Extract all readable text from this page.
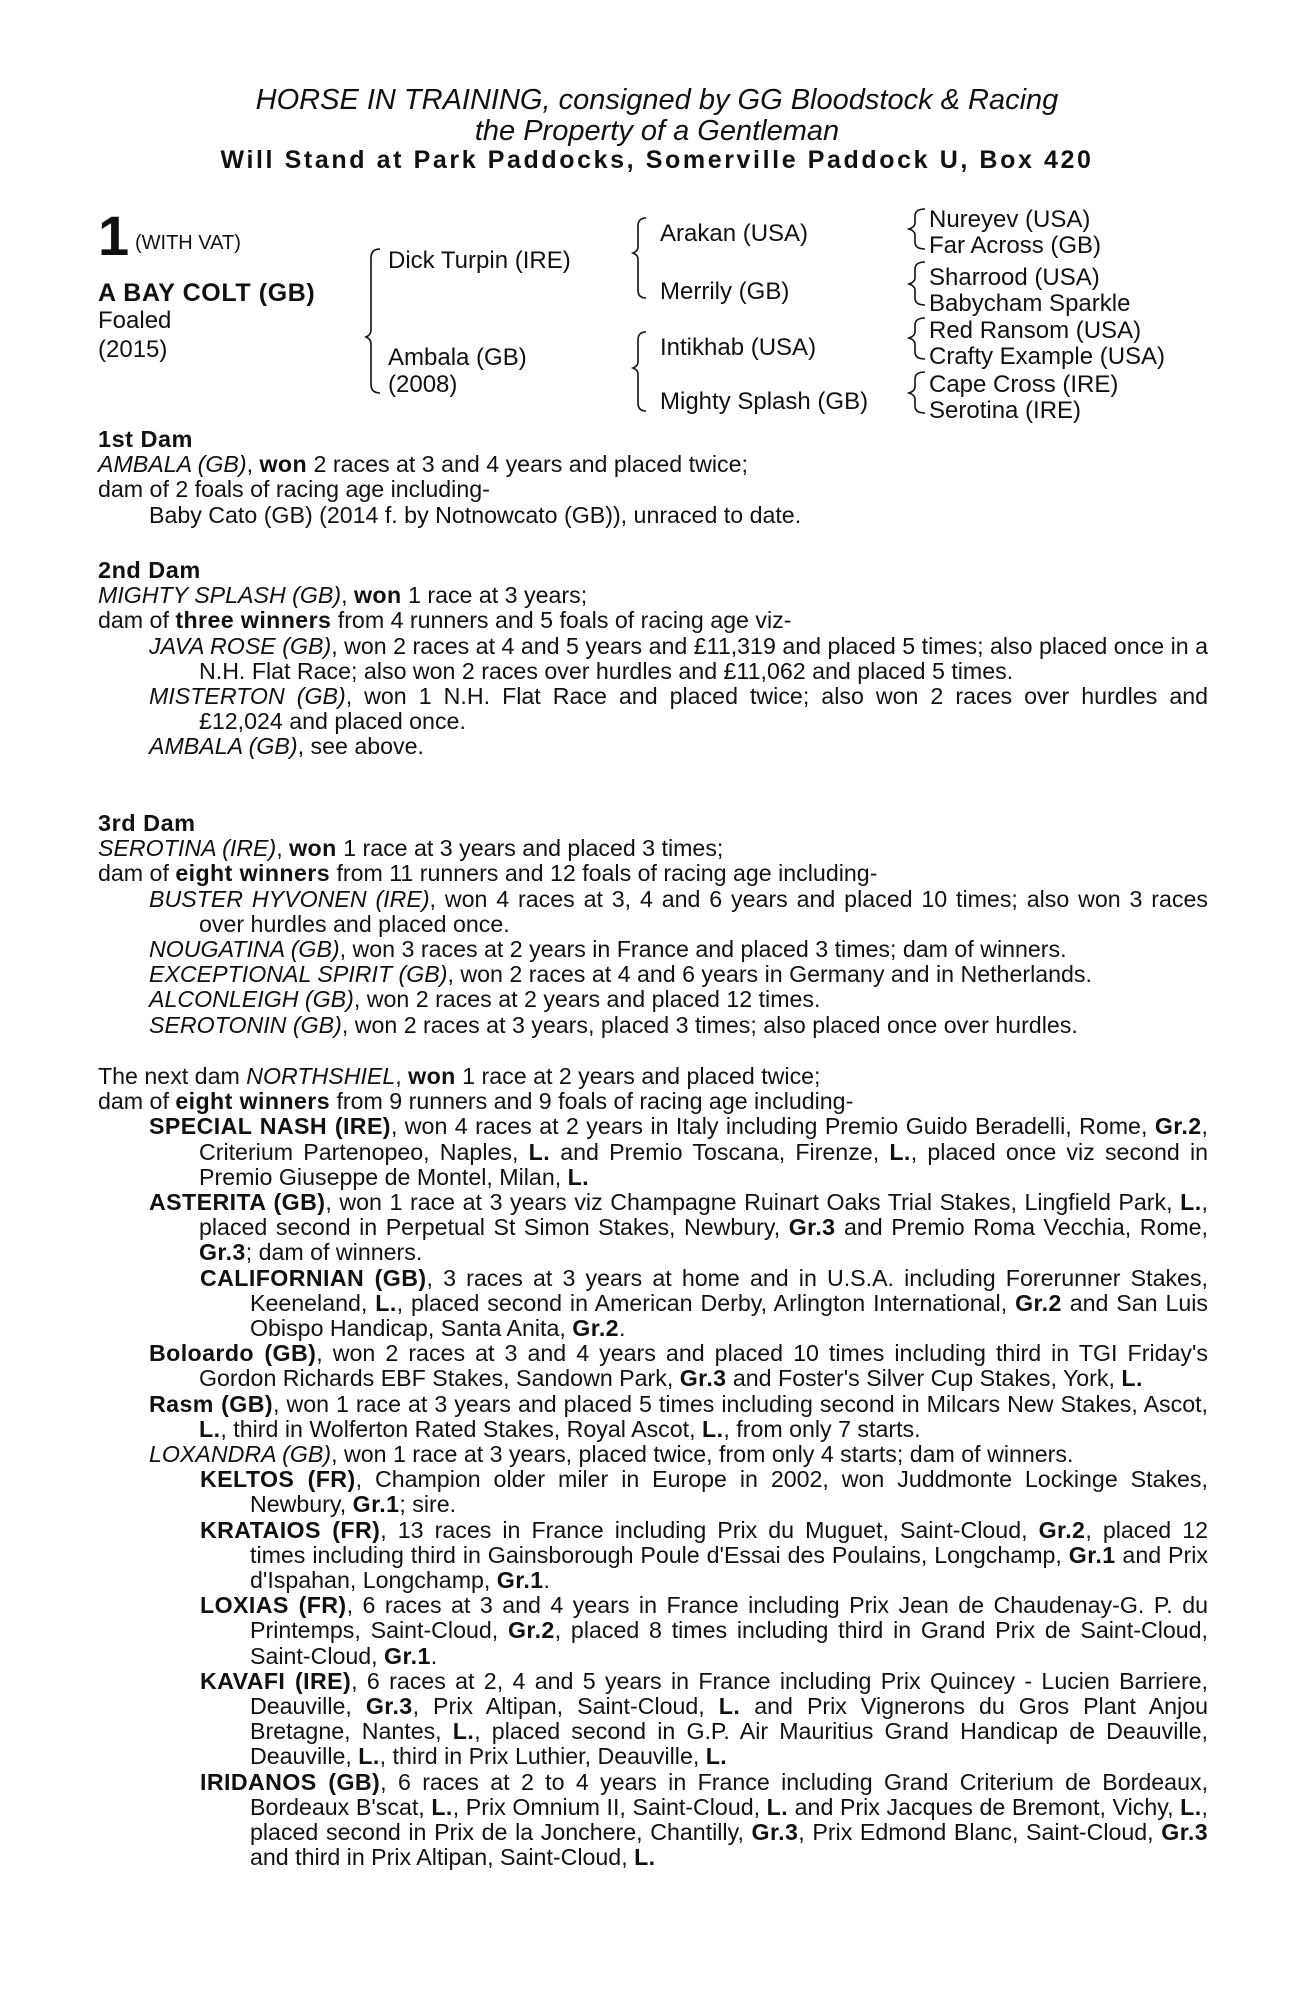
HORSE IN TRAINING, consigned by GG Bloodstock & Racing
the Property of a Gentleman
Will Stand at Park Paddocks, Somerville Paddock U, Box 420
1 (WITH VAT)
A BAY COLT (GB)
Foaled
(2015)
Dick Turpin (IRE)
Ambala (GB)
(2008)
Arakan (USA)
Merrily (GB)
Intikhab (USA)
Mighty Splash (GB)
Nureyev (USA)
Far Across (GB)
Sharrood (USA)
Babycham Sparkle
Red Ransom (USA)
Crafty Example (USA)
Cape Cross (IRE)
Serotina (IRE)
1st Dam
AMBALA (GB), won 2 races at 3 and 4 years and placed twice;
dam of 2 foals of racing age including-
Baby Cato (GB) (2014 f. by Notnowcato (GB)), unraced to date.
2nd Dam
MIGHTY SPLASH (GB), won 1 race at 3 years;
dam of three winners from 4 runners and 5 foals of racing age viz-
JAVA ROSE (GB), won 2 races at 4 and 5 years and £11,319 and placed 5 times; also placed once in a N.H. Flat Race; also won 2 races over hurdles and £11,062 and placed 5 times.
MISTERTON (GB), won 1 N.H. Flat Race and placed twice; also won 2 races over hurdles and £12,024 and placed once.
AMBALA (GB), see above.
3rd Dam
SEROTINA (IRE), won 1 race at 3 years and placed 3 times;
dam of eight winners from 11 runners and 12 foals of racing age including-
BUSTER HYVONEN (IRE), won 4 races at 3, 4 and 6 years and placed 10 times; also won 3 races over hurdles and placed once.
NOUGATINA (GB), won 3 races at 2 years in France and placed 3 times; dam of winners.
EXCEPTIONAL SPIRIT (GB), won 2 races at 4 and 6 years in Germany and in Netherlands.
ALCONLEIGH (GB), won 2 races at 2 years and placed 12 times.
SEROTONIN (GB), won 2 races at 3 years, placed 3 times; also placed once over hurdles.
The next dam NORTHSHIEL, won 1 race at 2 years and placed twice;
dam of eight winners from 9 runners and 9 foals of racing age including-
SPECIAL NASH (IRE), won 4 races at 2 years in Italy including Premio Guido Beradelli, Rome, Gr.2, Criterium Partenopeo, Naples, L. and Premio Toscana, Firenze, L., placed once viz second in Premio Giuseppe de Montel, Milan, L.
ASTERITA (GB), won 1 race at 3 years viz Champagne Ruinart Oaks Trial Stakes, Lingfield Park, L., placed second in Perpetual St Simon Stakes, Newbury, Gr.3 and Premio Roma Vecchia, Rome, Gr.3; dam of winners.
CALIFORNIAN (GB), 3 races at 3 years at home and in U.S.A. including Forerunner Stakes, Keeneland, L., placed second in American Derby, Arlington International, Gr.2 and San Luis Obispo Handicap, Santa Anita, Gr.2.
Boloardo (GB), won 2 races at 3 and 4 years and placed 10 times including third in TGI Friday's Gordon Richards EBF Stakes, Sandown Park, Gr.3 and Foster's Silver Cup Stakes, York, L.
Rasm (GB), won 1 race at 3 years and placed 5 times including second in Milcars New Stakes, Ascot, L., third in Wolferton Rated Stakes, Royal Ascot, L., from only 7 starts.
LOXANDRA (GB), won 1 race at 3 years, placed twice, from only 4 starts; dam of winners.
KELTOS (FR), Champion older miler in Europe in 2002, won Juddmonte Lockinge Stakes, Newbury, Gr.1; sire.
KRATAIOS (FR), 13 races in France including Prix du Muguet, Saint-Cloud, Gr.2, placed 12 times including third in Gainsborough Poule d'Essai des Poulains, Longchamp, Gr.1 and Prix d'Ispahan, Longchamp, Gr.1.
LOXIAS (FR), 6 races at 3 and 4 years in France including Prix Jean de Chaudenay-G. P. du Printemps, Saint-Cloud, Gr.2, placed 8 times including third in Grand Prix de Saint-Cloud, Saint-Cloud, Gr.1.
KAVAFI (IRE), 6 races at 2, 4 and 5 years in France including Prix Quincey - Lucien Barriere, Deauville, Gr.3, Prix Altipan, Saint-Cloud, L. and Prix Vignerons du Gros Plant Anjou Bretagne, Nantes, L., placed second in G.P. Air Mauritius Grand Handicap de Deauville, Deauville, L., third in Prix Luthier, Deauville, L.
IRIDANOS (GB), 6 races at 2 to 4 years in France including Grand Criterium de Bordeaux, Bordeaux B'scat, L., Prix Omnium II, Saint-Cloud, L. and Prix Jacques de Bremont, Vichy, L., placed second in Prix de la Jonchere, Chantilly, Gr.3, Prix Edmond Blanc, Saint-Cloud, Gr.3 and third in Prix Altipan, Saint-Cloud, L.
